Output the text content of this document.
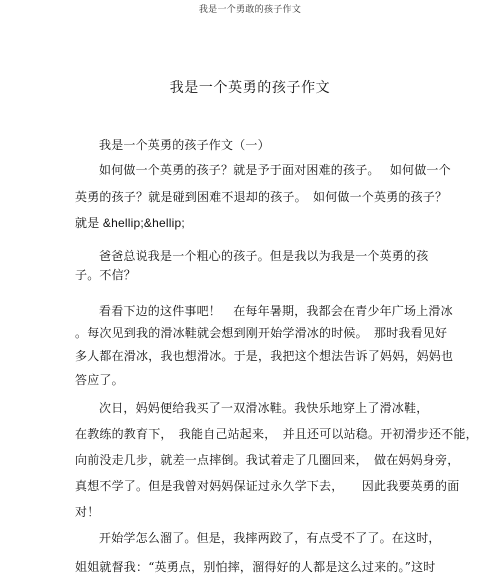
我是一个勇敢的孩子作文
我是一个英勇的孩子作文
我是一个英勇的孩子作文（一）
如何做一个英勇的孩子？就是予于面对困难的孩子。　 如何做一个
英勇的孩子？就是碰到困难不退却的孩子。　如何做一个英勇的孩子？
就是 &hellip;&hellip;
爸爸总说我是一个粗心的孩子。但是我以为我是一个英勇的孩
子。不信？
看看下边的这件事吧！　在每年暑期，我都会在青少年广场上滑冰
。每次见到我的滑冰鞋就会想到刚开始学滑冰的时候。　那时我看见好
多人都在滑冰，我也想滑冰。于是，我把这个想法告诉了妈妈，妈妈也
答应了。
次日，妈妈便给我买了一双滑冰鞋。我快乐地穿上了滑冰鞋，
在教练的教育下，　我能自己站起来，　并且还可以站稳。开初滑步还不能，
向前没走几步，就差一点摔倒。我试着走了几圈回来，　做在妈妈身旁，
真想不学了。但是我曾对妈妈保证过永久学下去，　　因此我要英勇的面
对！
开始学怎么溜了。但是，我摔两跤了，有点受不了了。在这时，
姐姐就督我：“英勇点，别怕摔，溜得好的人都是这么过来的。”这时
